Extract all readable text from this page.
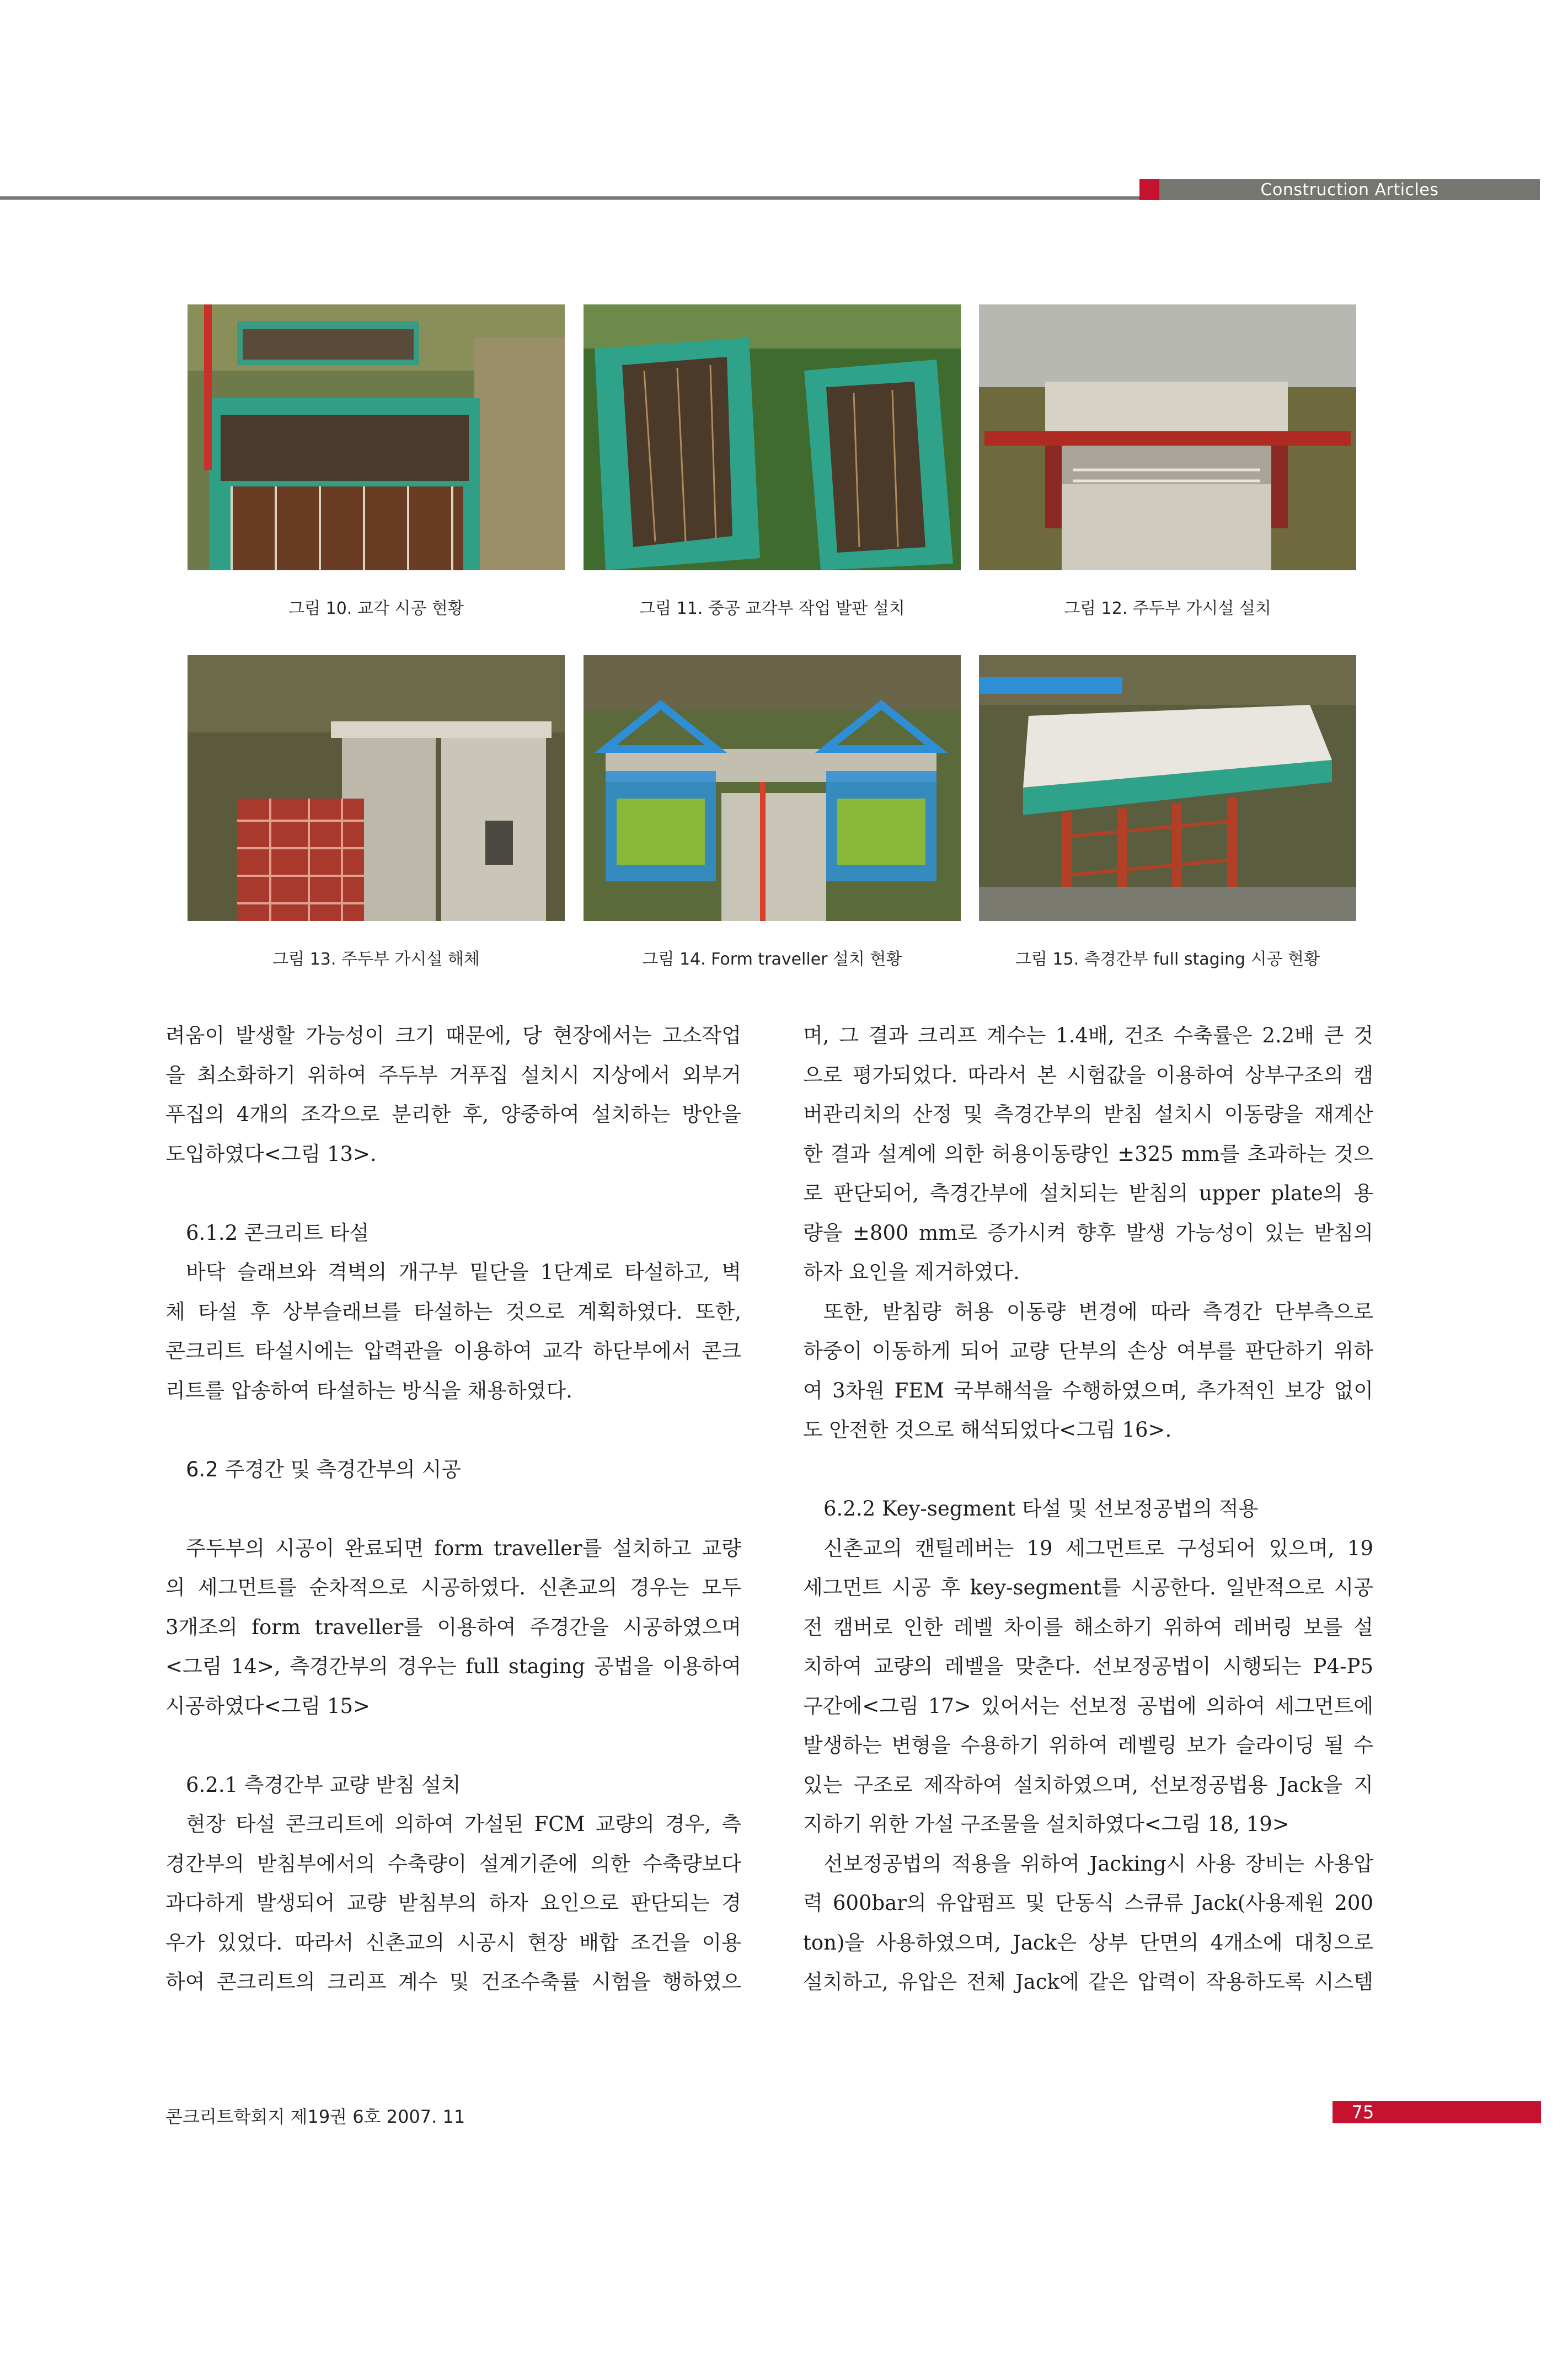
Construction Articles
그림 10. 교각 시공 현황	그림 11. 중공 교각부 작업 발판 설치	그림 12. 주두부 가시설 설치
그림 13. 주두부 가시설 해체	그림 14. Form traveller 설치 현황	그림 15. 측경간부 full staging 시공 현황

려움이 발생할 가능성이 크기 때문에, 당 현장에서는 고소작업

을 최소화하기 위하여 주두부 거푸집 설치시 지상에서 외부거

푸집의 4개의 조각으로 분리한 후, 양중하여 설치하는 방안을

도입하였다<그림 13>.

6.1.2 콘크리트 타설

바닥 슬래브와 격벽의 개구부 밑단을 1단계로 타설하고, 벽

체 타설 후 상부슬래브를 타설하는 것으로 계획하였다. 또한,

콘크리트 타설시에는 압력관을 이용하여 교각 하단부에서 콘크

리트를 압송하여 타설하는 방식을 채용하였다.

6.2 주경간 및 측경간부의 시공

주두부의 시공이 완료되면 form traveller를 설치하고 교량

의 세그먼트를 순차적으로 시공하였다. 신촌교의 경우는 모두

3개조의 form traveller를 이용하여 주경간을 시공하였으며

<그림 14>, 측경간부의 경우는 full staging 공법을 이용하여

시공하였다<그림 15>

6.2.1 측경간부 교량 받침 설치

현장 타설 콘크리트에 의하여 가설된 FCM 교량의 경우, 측

경간부의 받침부에서의 수축량이 설계기준에 의한 수축량보다

과다하게 발생되어 교량 받침부의 하자 요인으로 판단되는 경

우가 있었다. 따라서 신촌교의 시공시 현장 배합 조건을 이용

하여 콘크리트의 크리프 계수 및 건조수축률 시험을 행하였으

며, 그 결과 크리프 계수는 1.4배, 건조 수축률은 2.2배 큰 것

으로 평가되었다. 따라서 본 시험값을 이용하여 상부구조의 캠

버관리치의 산정 및 측경간부의 받침 설치시 이동량을 재계산

한 결과 설계에 의한 허용이동량인 ±325 mm를 초과하는 것으

로 판단되어, 측경간부에 설치되는 받침의 upper plate의 용

량을 ±800 mm로 증가시켜 향후 발생 가능성이 있는 받침의

하자 요인을 제거하였다.

또한, 받침량 허용 이동량 변경에 따라 측경간 단부측으로

하중이 이동하게 되어 교량 단부의 손상 여부를 판단하기 위하

여 3차원 FEM 국부해석을 수행하였으며, 추가적인 보강 없이

도 안전한 것으로 해석되었다<그림 16>.

6.2.2 Key-segment 타설 및 선보정공법의 적용

신촌교의 캔틸레버는 19 세그먼트로 구성되어 있으며, 19

세그먼트 시공 후 key-segment를 시공한다. 일반적으로 시공

전 캠버로 인한 레벨 차이를 해소하기 위하여 레버링 보를 설

치하여 교량의 레벨을 맞춘다. 선보정공법이 시행되는 P4-P5

구간에<그림 17> 있어서는 선보정 공법에 의하여 세그먼트에

발생하는 변형을 수용하기 위하여 레벨링 보가 슬라이딩 될 수

있는 구조로 제작하여 설치하였으며, 선보정공법용 Jack을 지

지하기 위한 가설 구조물을 설치하였다<그림 18, 19>

선보정공법의 적용을 위하여 Jacking시 사용 장비는 사용압

력 600bar의 유압펌프 및 단동식 스큐류 Jack(사용제원 200

ton)을 사용하였으며, Jack은 상부 단면의 4개소에 대칭으로

설치하고, 유압은 전체 Jack에 같은 압력이 작용하도록 시스템

콘크리트학회지 제19권 6호 2007. 11	75
